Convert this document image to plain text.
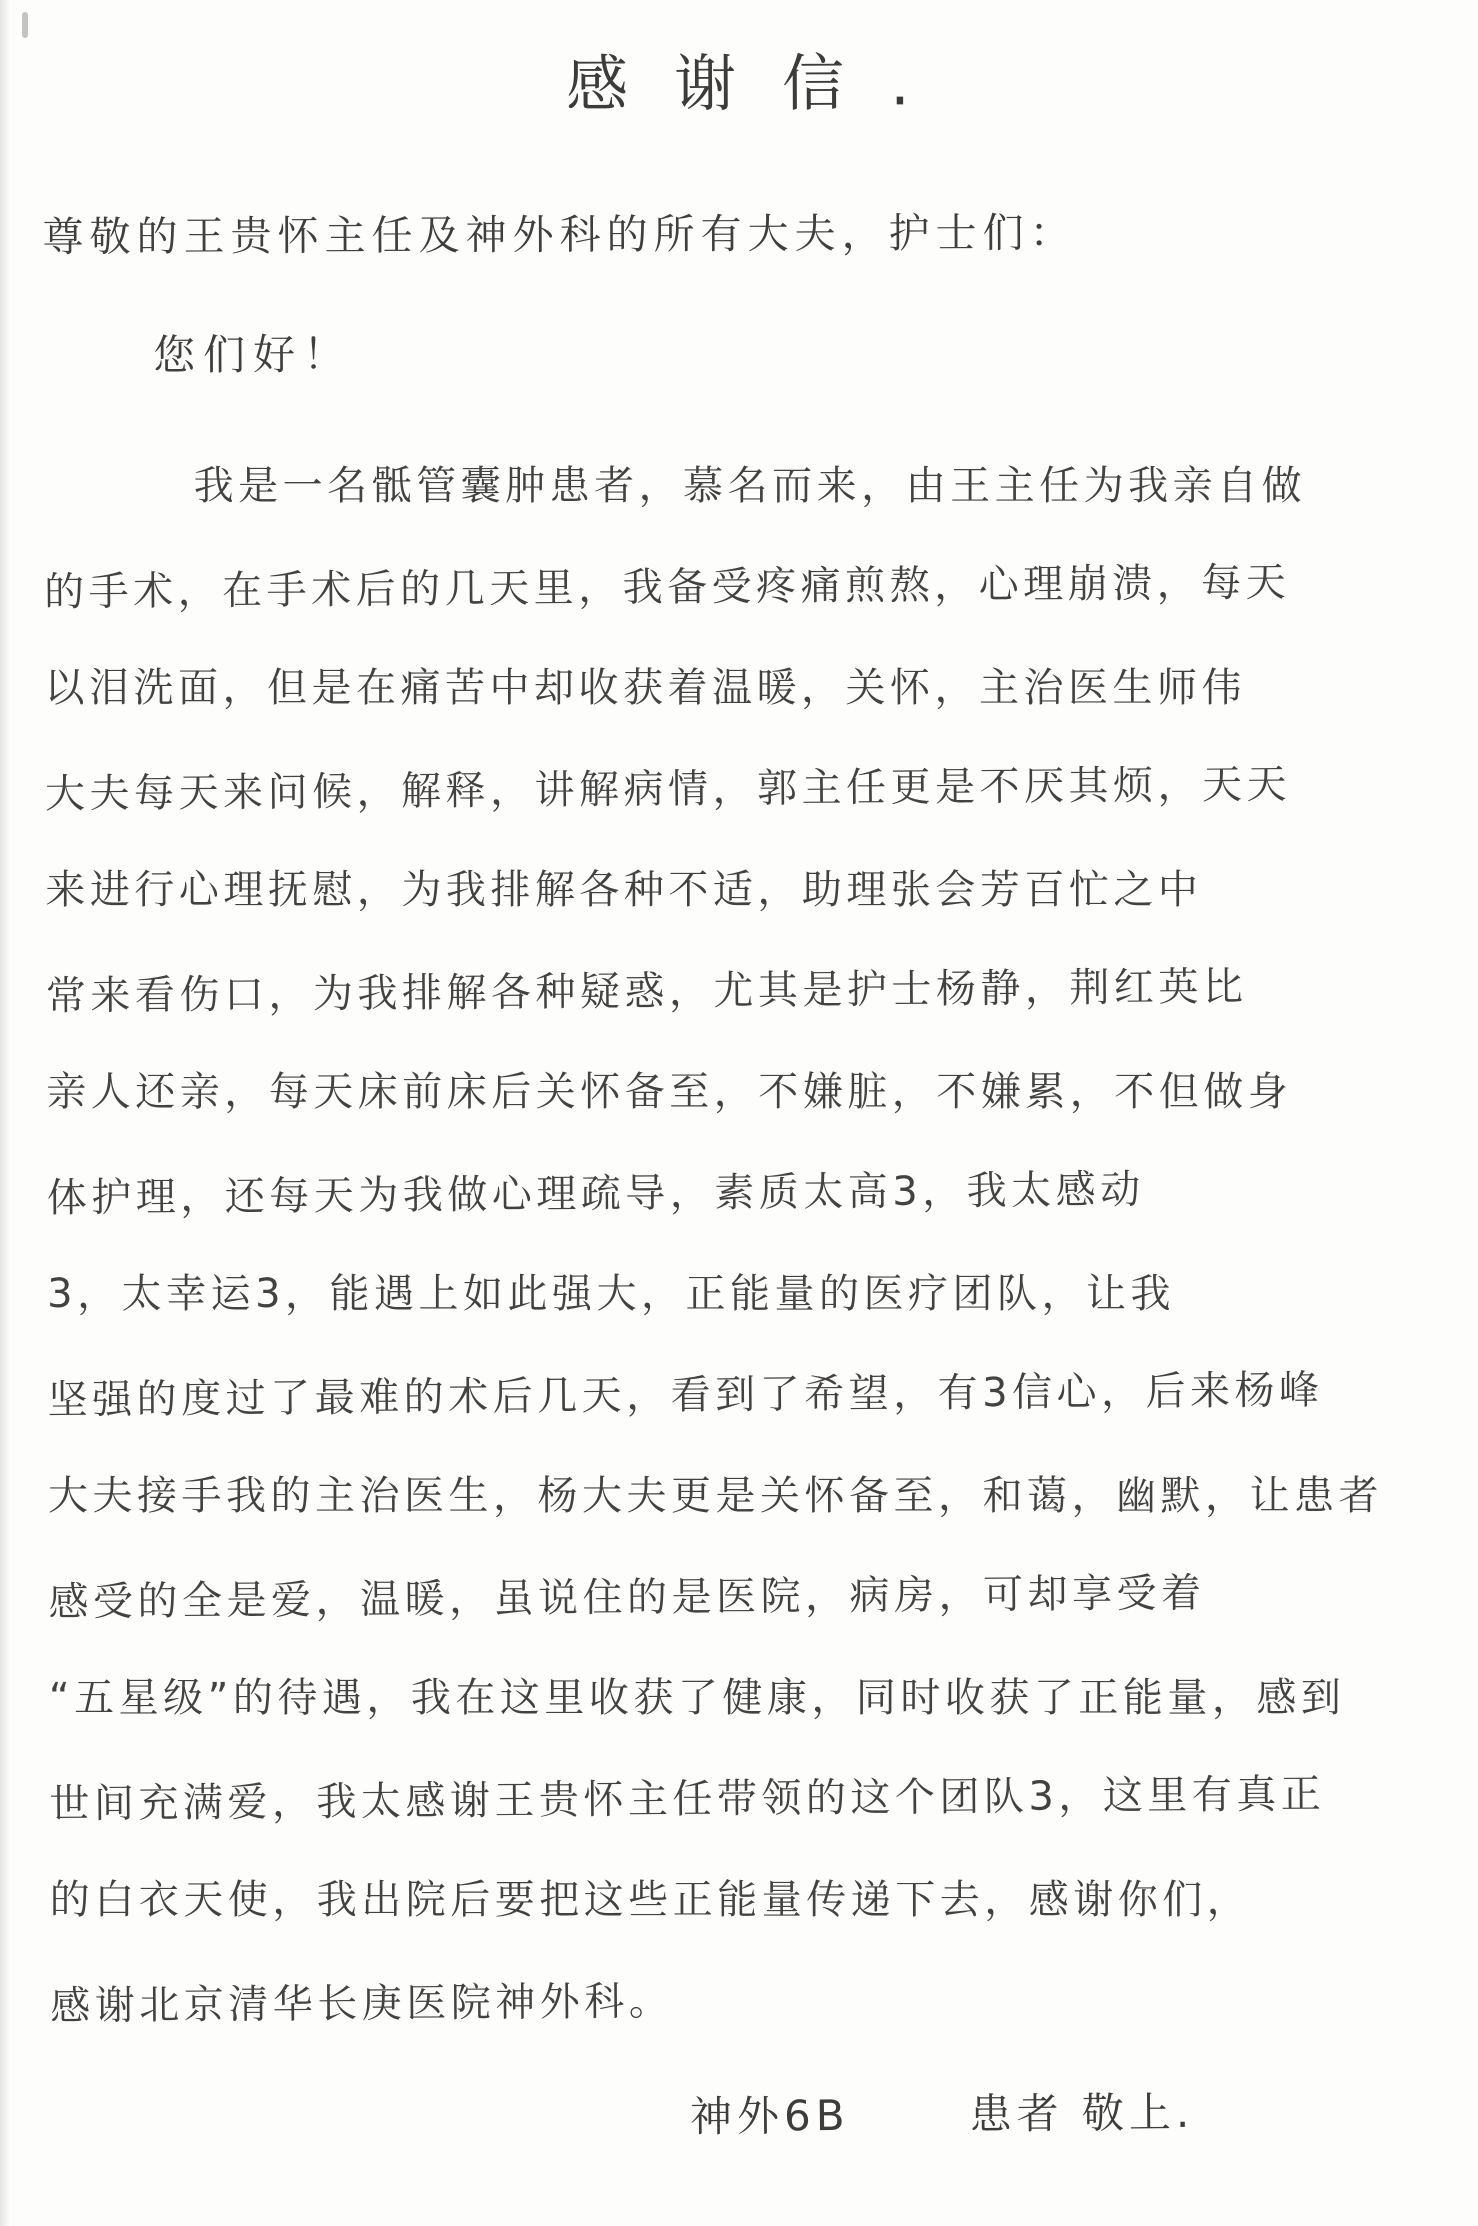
感谢信.
尊敬的王贵怀主任及神外科的所有大夫，护士们：
您们好！
我是一名骶管囊肿患者，慕名而来，由王主任为我亲自做
的手术，在手术后的几天里，我备受疼痛煎熬，心理崩溃，每天
以泪洗面，但是在痛苦中却收获着温暖，关怀，主治医生师伟
大夫每天来问候，解释，讲解病情，郭主任更是不厌其烦，天天
来进行心理抚慰，为我排解各种不适，助理张会芳百忙之中
常来看伤口，为我排解各种疑惑，尤其是护士杨静，荆红英比
亲人还亲，每天床前床后关怀备至，不嫌脏，不嫌累，不但做身
体护理，还每天为我做心理疏导，素质太高3，我太感动
3，太幸运3，能遇上如此强大，正能量的医疗团队，让我
坚强的度过了最难的术后几天，看到了希望，有3信心，后来杨峰
大夫接手我的主治医生，杨大夫更是关怀备至，和蔼，幽默，让患者
感受的全是爱，温暖，虽说住的是医院，病房，可却享受着
“五星级”的待遇，我在这里收获了健康，同时收获了正能量，感到
世间充满爱，我太感谢王贵怀主任带领的这个团队3，这里有真正
的白衣天使，我出院后要把这些正能量传递下去，感谢你们，
感谢北京清华长庚医院神外科。
神外6B	患者 敬上.
